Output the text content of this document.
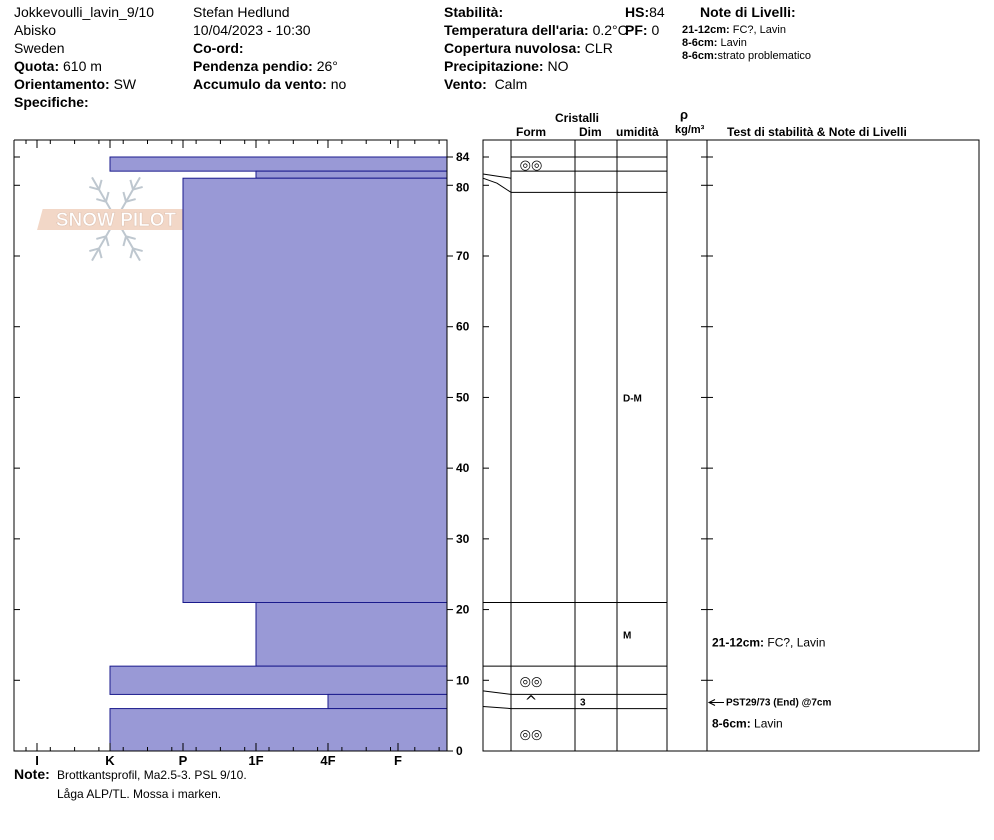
Jokkevoulli_lavin_9/10
Abisko
Sweden
Quota: 610 m
Orientamento: SW
Specifiche:
Stefan Hedlund
10/04/2023 - 10:30
Co-ord:
Pendenza pendio: 26°
Accumulo da vento: no
Stabilità:
Temperatura dell'aria: 0.2°C
Copertura nuvolosa: CLR
Precipitazione: NO
Vento: Calm
HS:84
PF: 0
Note di Livelli:
21-12cm: FC?, Lavin
8-6cm: Lavin
8-6cm:strato problematico
Cristalli
Form	Dim umidità
ρ
kg/m³ Test di stabilità & Note di Livelli
SNOW PILOT
I	K	P	1F	4F	F
0
10
20
30
40
50
60
70
80
84
◎◎
◎◎
^
◎◎
3
D-M
M	21-12cm: FC?, Lavin
PST29/73 (End) @7cm
8-6cm: Lavin
Note: Brottkantsprofil, Ma2.5-3. PSL 9/10.
Låga ALP/TL. Mossa i marken.
